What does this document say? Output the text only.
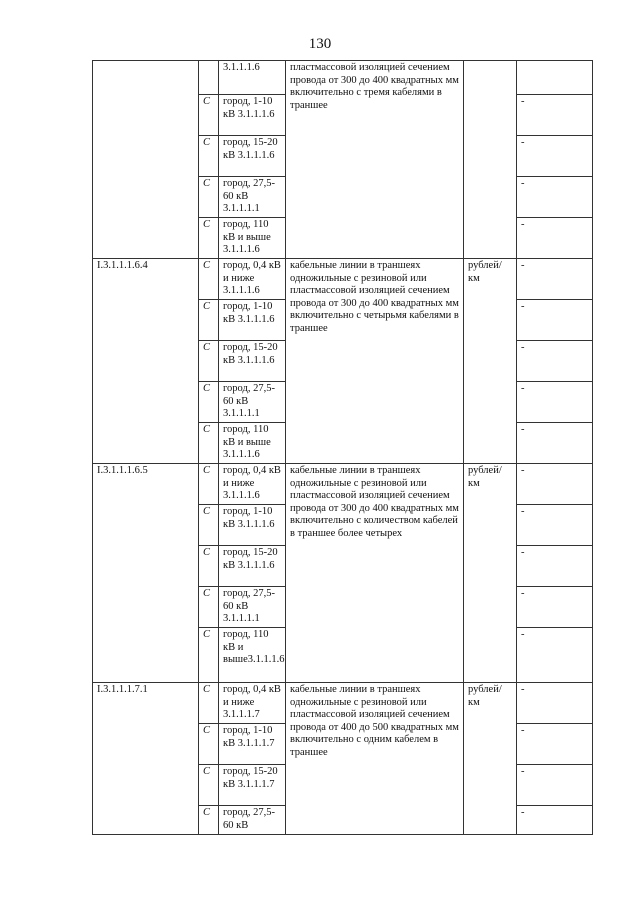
130
		3.1.1.1.6	пластмассовой изоляцией сечением провода от 300 до 400 квадратных мм включительно с тремя кабелями в траншее		
	С	город, 1-10 кВ 3.1.1.1.6			-
	С	город, 15-20 кВ 3.1.1.1.6			-
	С	город, 27,5-60 кВ 3.1.1.1.1			-
	С	город, 110 кВ и выше 3.1.1.1.6			-
I.3.1.1.1.6.4	С	город, 0,4 кВ и ниже 3.1.1.1.6	кабельные линии в траншеях одножильные с резиновой или пластмассовой изоляцией сечением провода от 300 до 400 квадратных мм включительно с четырьмя кабелями в траншее	рублей/ км	-
	С	город, 1-10 кВ 3.1.1.1.6			-
	С	город, 15-20 кВ 3.1.1.1.6			-
	С	город, 27,5-60 кВ 3.1.1.1.1			-
	С	город, 110 кВ и выше 3.1.1.1.6			-
I.3.1.1.1.6.5	С	город, 0,4 кВ и ниже 3.1.1.1.6	кабельные линии в траншеях одножильные с резиновой или пластмассовой изоляцией сечением провода от 300 до 400 квадратных мм включительно с количеством кабелей в траншее более четырех	рублей/ км	-
	С	город, 1-10 кВ 3.1.1.1.6			-
	С	город, 15-20 кВ 3.1.1.1.6			-
	С	город, 27,5-60 кВ 3.1.1.1.1			-
	С	город, 110 кВ и выше3.1.1.1.6			-
I.3.1.1.1.7.1	С	город, 0,4 кВ и ниже 3.1.1.1.7	кабельные линии в траншеях одножильные с резиновой или пластмассовой изоляцией сечением провода от 400 до 500 квадратных мм включительно с одним кабелем в траншее	рублей/ км	-
	С	город, 1-10 кВ 3.1.1.1.7			-
	С	город, 15-20 кВ 3.1.1.1.7			-
	С	город, 27,5-60 кВ			-
